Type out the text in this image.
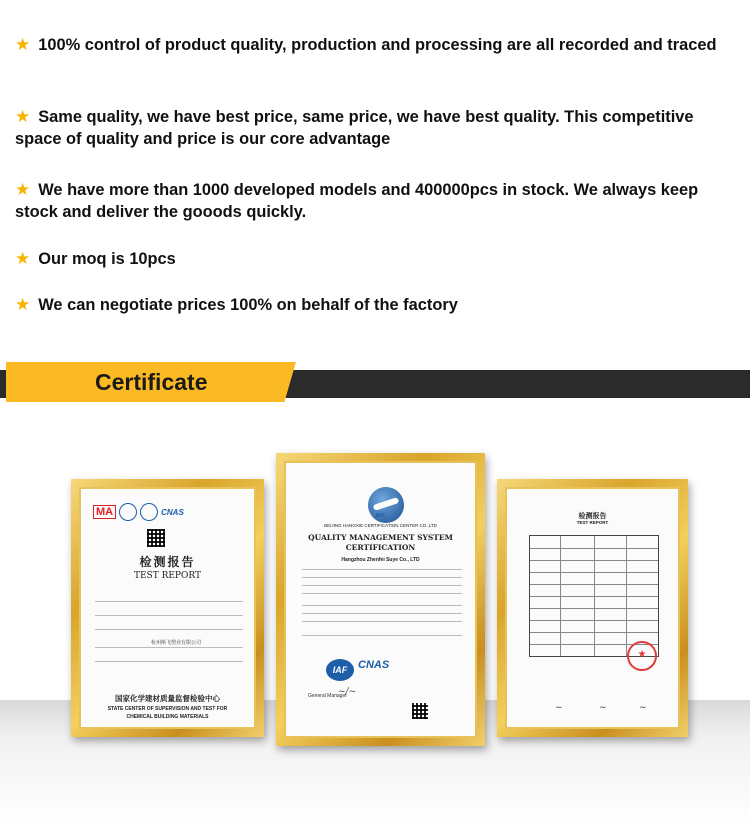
★ 100% control of product quality, production and processing are all recorded and traced
★ Same quality, we have best price, same price, we have best quality. This competitive space of quality and price is our core advantage
★ We have more than 1000 developed models and 400000pcs in stock. We always keep stock and deliver the gooods quickly.
★ Our moq is 10pcs
★ We can negotiate prices 100% on behalf of the factory
Certificate
MA	CNAS
检测报告
TEST REPORT
杭州斯飞塑业有限公司
国家化学建材质量监督检验中心
STATE CENTER OF SUPERVISION AND TEST FOR
CHEMICAL BUILDING MATERIALS
AVC
BEIJING HANGXIE CERTIFICATION CENTER CO.,LTD
QUALITY MANAGEMENT SYSTEM
CERTIFICATION
Hangzhou Zhenfei Suye Co., LTD
IAF CNAS
General Manager
~/~
检测报告
TEST REPORT
★
~	~	~
